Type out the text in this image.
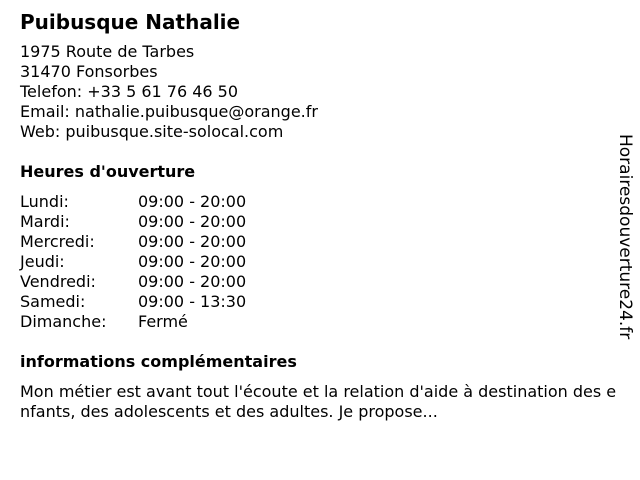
Puibusque Nathalie
1975 Route de Tarbes
31470 Fonsorbes
Telefon: +33 5 61 76 46 50
Email: nathalie.puibusque@orange.fr
Web: puibusque.site-solocal.com
Heures d'ouverture
Lundi:	09:00 - 20:00
Mardi:	09:00 - 20:00
Mercredi:	09:00 - 20:00
Jeudi:	09:00 - 20:00
Vendredi:	09:00 - 20:00
Samedi:	09:00 - 13:30
Dimanche:	Fermé
informations complémentaires
Mon métier est avant tout l'écoute et la relation d'aide à destination des enfants, des adolescents et des adultes. Je propose...
Horairesdouverture24.fr
